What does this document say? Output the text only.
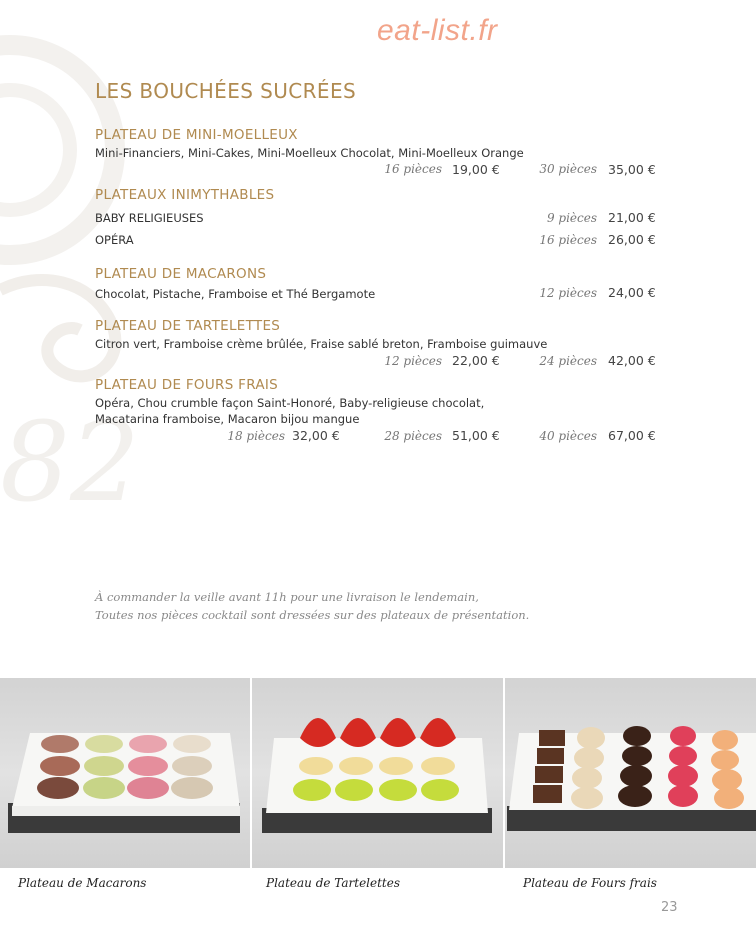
82
eat-list.fr
LES BOUCHÉES SUCRÉES
PLATEAU DE MINI-MOELLEUX
Mini-Financiers, Mini-Cakes, Mini-Moelleux Chocolat, Mini-Moelleux Orange
16 pièces 19,00 €	30 pièces 35,00 €
PLATEAUX INIMYTHABLES
BABY RELIGIEUSES	9 pièces 21,00 €
OPÉRA	16 pièces 26,00 €
PLATEAU DE MACARONS
Chocolat, Pistache, Framboise et Thé Bergamote	12 pièces 24,00 €
PLATEAU DE TARTELETTES
Citron vert, Framboise crème brûlée, Fraise sablé breton, Framboise guimauve
12 pièces 22,00 €	24 pièces 42,00 €
PLATEAU DE FOURS FRAIS
Opéra, Chou crumble façon Saint-Honoré, Baby-religieuse chocolat,
Macatarina framboise, Macaron bijou mangue
18 pièces 32,00 €	28 pièces 51,00 €	40 pièces 67,00 €
À commander la veille avant 11h pour une livraison le lendemain,
Toutes nos pièces cocktail sont dressées sur des plateaux de présentation.
Plateau de Macarons	Plateau de Tartelettes	Plateau de Fours frais
23
